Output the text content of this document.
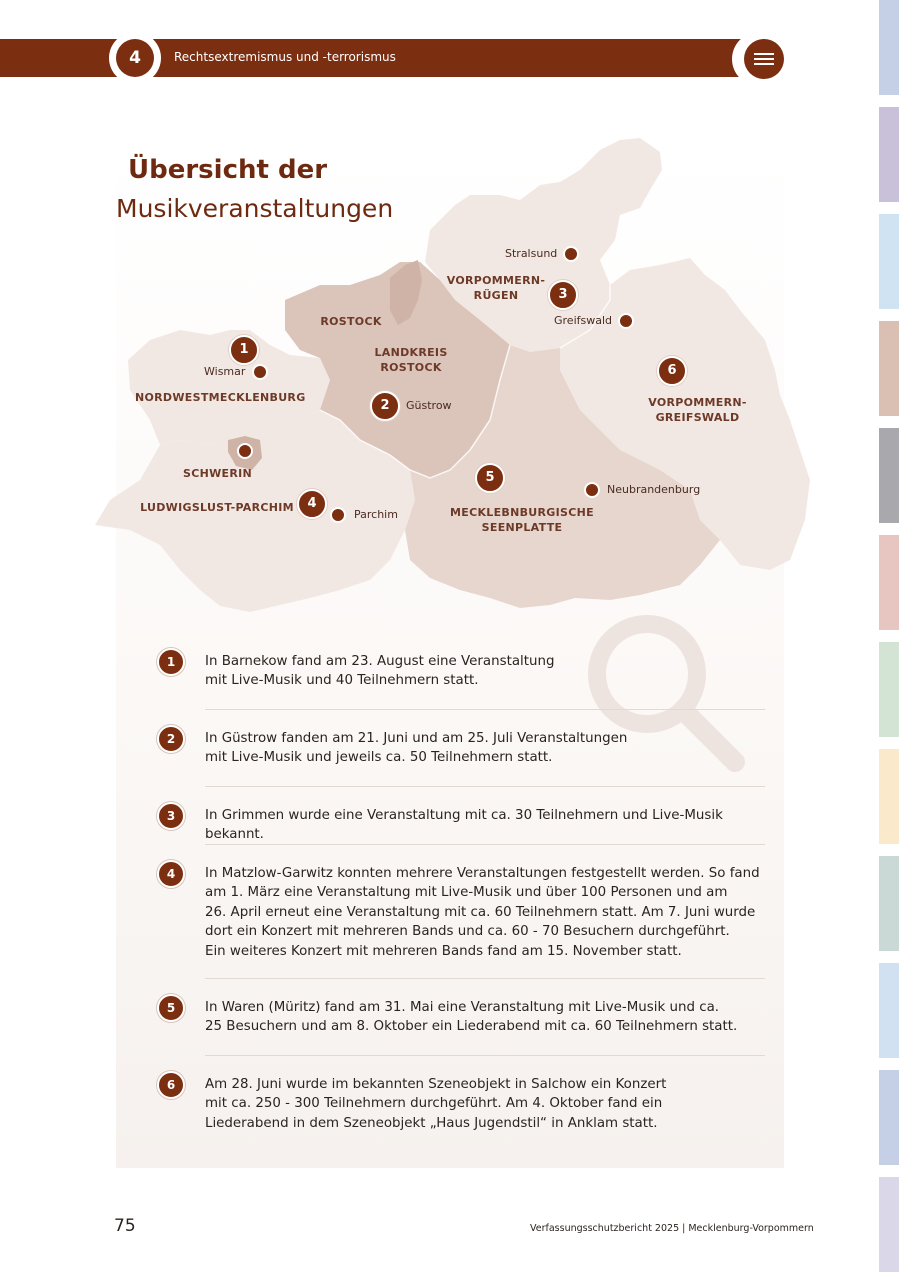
4	Rechtsextremismus und -terrorismus
Übersicht der
Musikveranstaltungen
VORPOMMERN-
RÜGEN
ROSTOCK
LANDKREIS
ROSTOCK
NORDWESTMECKLENBURG	VORPOMMERN-
GREIFSWALD
SCHWERIN
LUDWIGSLUST-PARCHIM	MECKLEBNBURGISCHE
SEENPLATTE
Stralsund
Greifswald
Wismar
Güstrow
Neubrandenburg
Parchim
1
2
3
4
5
6
1	In Barnekow fand am 23. August eine Veranstaltung
mit Live-Musik und 40 Teilnehmern statt.
2	In Güstrow fanden am 21. Juni und am 25. Juli Veranstaltungen
mit Live-Musik und jeweils ca. 50 Teilnehmern statt.
3	In Grimmen wurde eine Veranstaltung mit ca. 30 Teilnehmern und Live-Musik bekannt.
4	In Matzlow-Garwitz konnten mehrere Veranstaltungen festgestellt werden. So fand
am 1. März eine Veranstaltung mit Live-Musik und über 100 Personen und am
26. April erneut eine Veranstaltung mit ca. 60 Teilnehmern statt. Am 7. Juni wurde
dort ein Konzert mit mehreren Bands und ca. 60 - 70 Besuchern durchgeführt.
Ein weiteres Konzert mit mehreren Bands fand am 15. November statt.
5	In Waren (Müritz) fand am 31. Mai eine Veranstaltung mit Live-Musik und ca.
25 Besuchern und am 8. Oktober ein Liederabend mit ca. 60 Teilnehmern statt.
6	Am 28. Juni wurde im bekannten Szeneobjekt in Salchow ein Konzert
mit ca. 250 - 300 Teilnehmern durchgeführt. Am 4. Oktober fand ein
Liederabend in dem Szeneobjekt „Haus Jugendstil“ in Anklam statt.
75	Verfassungsschutzbericht 2025 | Mecklenburg-Vorpommern
